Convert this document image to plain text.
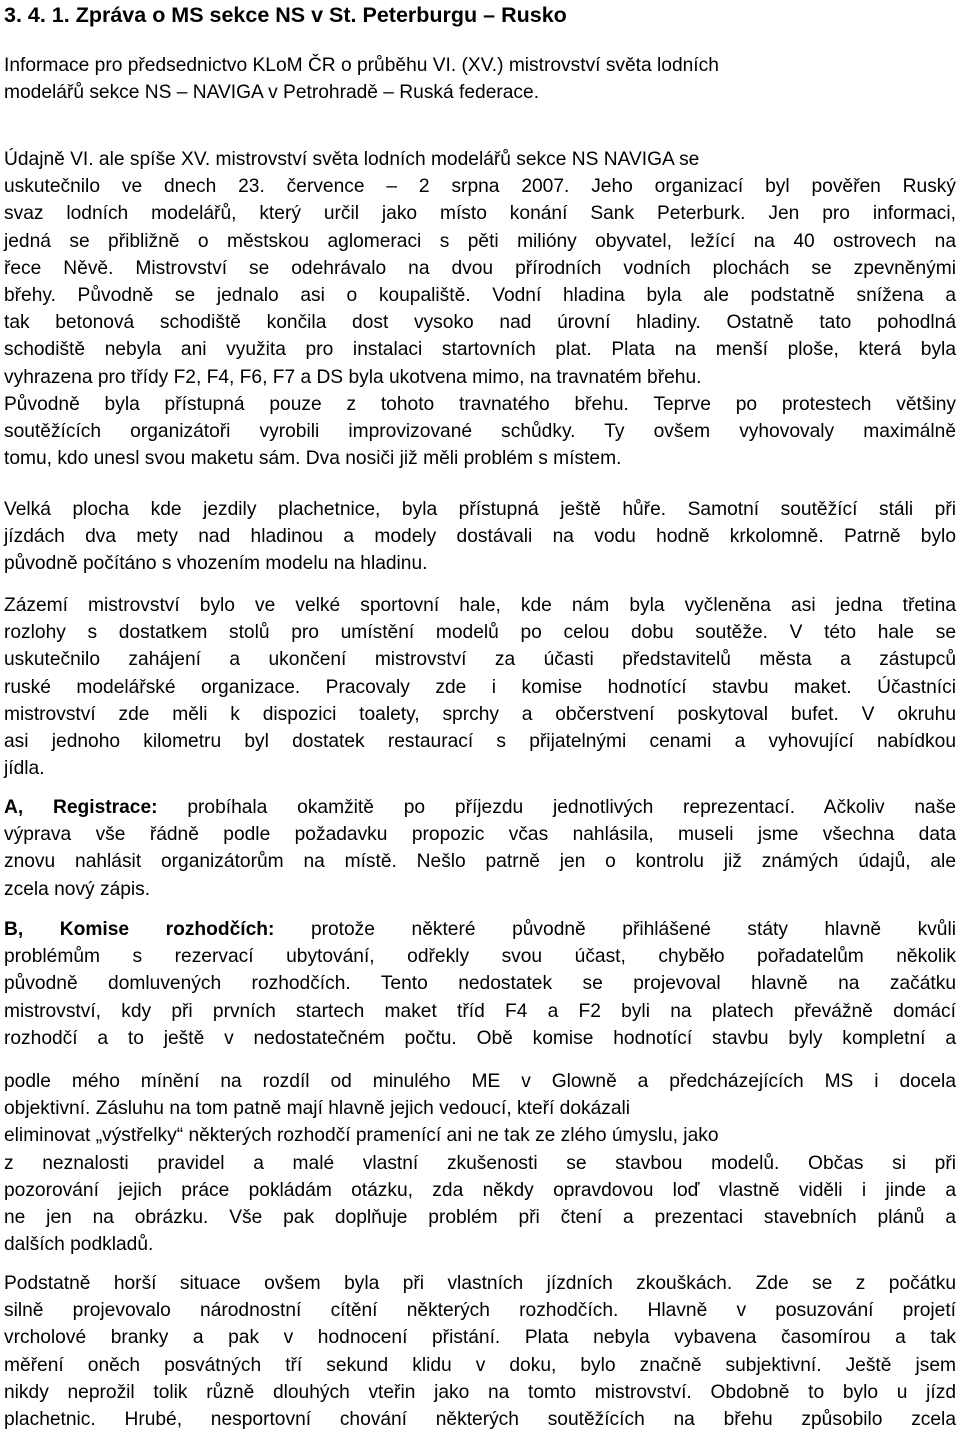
3. 4. 1. Zpráva o MS sekce NS v St. Peterburgu – Rusko

Informace pro předsednictvo KLoM ČR o průběhu VI. (XV.) mistrovství světa lodních
modelářů sekce NS – NAVIGA v Petrohradě – Ruská federace.

Údajně VI. ale spíše XV. mistrovství světa lodních modelářů sekce NS NAVIGA se
uskutečnilo ve dnech 23. července – 2 srpna 2007. Jeho organizací byl pověřen Ruský
svaz lodních modelářů, který určil jako místo konání Sank Peterburk. Jen pro informaci,
jedná se přibližně o městskou aglomeraci s pěti milióny obyvatel, ležící na 40 ostrovech na
řece Něvě. Mistrovství se odehrávalo na dvou přírodních vodních plochách se zpevněnými
břehy. Původně se jednalo asi o koupaliště. Vodní hladina byla ale podstatně snížena a
tak betonová schodiště končila dost vysoko nad úrovní hladiny. Ostatně tato pohodlná
schodiště nebyla ani využita pro instalaci startovních plat. Plata na menší ploše, která byla
vyhrazena pro třídy F2, F4, F6, F7 a DS byla ukotvena mimo, na travnatém břehu.
Původně byla přístupná pouze z tohoto travnatého břehu. Teprve po protestech většiny
soutěžících organizátoři vyrobili improvizované schůdky. Ty ovšem vyhovovaly maximálně
tomu, kdo unesl svou maketu sám. Dva nosiči již měli problém s místem.

Velká plocha kde jezdily plachetnice, byla přístupná ještě hůře. Samotní soutěžící stáli při
jízdách dva mety nad hladinou a modely dostávali na vodu hodně krkolomně. Patrně bylo
původně počítáno s vhozením modelu na hladinu.

Zázemí mistrovství bylo ve velké sportovní hale, kde nám byla vyčleněna asi jedna třetina
rozlohy s dostatkem stolů pro umístění modelů po celou dobu soutěže. V této hale se
uskutečnilo zahájení a ukončení mistrovství za účasti představitelů města a zástupců
ruské modelářské organizace. Pracovaly zde i komise hodnotící stavbu maket. Účastníci
mistrovství zde měli k dispozici toalety, sprchy a občerstvení poskytoval bufet. V okruhu
asi jednoho kilometru byl dostatek restaurací s přijatelnými cenami a vyhovující nabídkou
jídla.

A, Registrace: probíhala okamžitě po příjezdu jednotlivých reprezentací. Ačkoliv naše
výprava vše řádně podle požadavku propozic včas nahlásila, museli jsme všechna data
znovu nahlásit organizátorům na místě. Nešlo patrně jen o kontrolu již známých údajů, ale
zcela nový zápis.

B, Komise rozhodčích: protože některé původně přihlášené státy hlavně kvůli
problémům s rezervací ubytování, odřekly svou účast, chyběło pořadatelům několik
původně domluvených rozhodčích. Tento nedostatek se projevoval hlavně na začátku
mistrovství, kdy při prvních startech maket tříd F4 a F2 byli na platech převážně domácí
rozhodčí a to ještě v nedostatečném počtu. Obě komise hodnotící stavbu byly kompletní a

podle mého mínění na rozdíl od minulého ME v Glowně a předcházejících MS i docela
objektivní. Zásluhu na tom patně mají hlavně jejich vedoucí, kteří dokázali
eliminovat „výstřelky“ některých rozhodčí pramenící ani ne tak ze zlého úmyslu, jako
z neznalosti pravidel a malé vlastní zkušenosti se stavbou modelů. Občas si při
pozorování jejich práce pokládám otázku, zda někdy opravdovou loď vlastně viděli i jinde a
ne jen na obrázku. Vše pak doplňuje problém při čtení a prezentaci stavebních plánů a
dalších podkladů.

Podstatně horší situace ovšem byla při vlastních jízdních zkouškách. Zde se z počátku
silně projevovalo národnostní cítění některých rozhodčích. Hlavně v posuzování projetí
vrcholové branky a pak v hodnocení přistání. Plata nebyla vybavena časomírou a tak
měření oněch posvátných tří sekund klidu v doku, bylo značně subjektivní. Ještě jsem
nikdy neprožil tolik různě dlouhých vteřin jako na tomto mistrovství. Obdobně to bylo u jízd
plachetnic. Hrubé, nesportovní chování některých soutěžících na břehu způsobilo zcela
